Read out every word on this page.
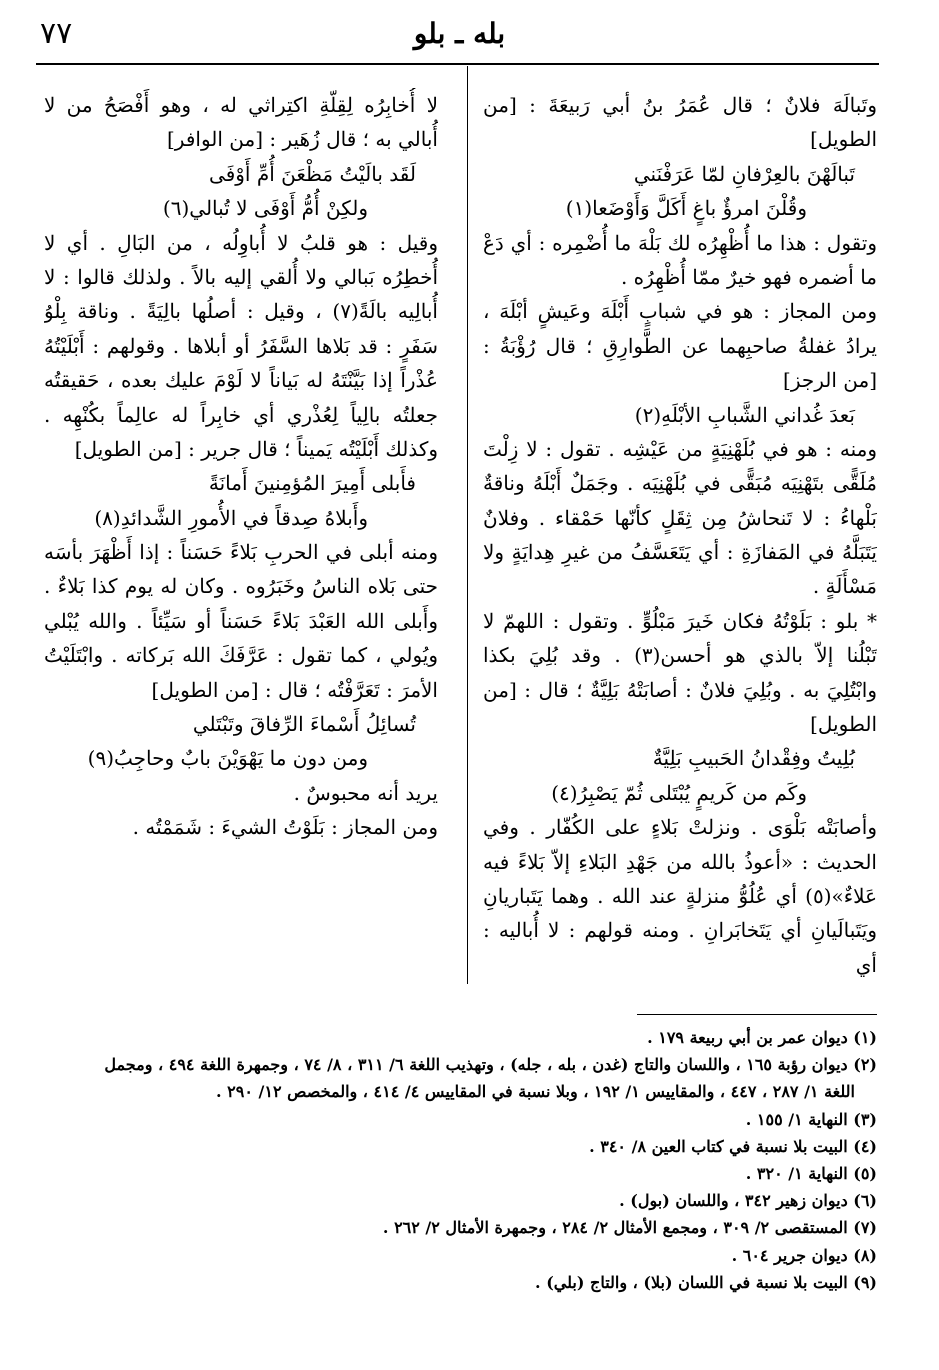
٧٧	بله ـ بلو

وتَبالَهَ فلانٌ ؛ قال عُمَرُ بنُ أبي رَبيعَةَ : [من الطويل]

تَبالَهْنَ بالعِرْفانِ لمّا عَرَفْنَني
وقُلْنَ امرؤٌ باغٍ أَكَلَّ وَأَوْضَعا(١)

وتقول : هذا ما أُظْهِرُه لك بَلْهَ ما أُضْمِره : أي دَعْ ما أضمره فهو خيرٌ ممّا أُظْهِرُه .

ومن المجاز : هو في شبابٍ أَبْلَهَ وعَيشٍ أبْلَهَ ، يرادُ غفلةُ صاحبِهما عن الطَّوارِقِ ؛ قال رُؤْبَةُ : [من الرجز]

بَعدَ غُداني الشَّبابِ الأبْلَهِ(٢)

ومنه : هو في بُلَهْنِيَةٍ من عَيْشِه . تقول : لا زِلْتَ مُلَقًّى بتَهْنِيَه مُبَقًّى في بُلَهْنِيَه . وجَمَلٌ أَبْلَهُ وناقةٌ بَلْهاءُ : لا تَنحاشُ مِن ثِقَلٍ كأنّها حَمْقاء . وفلانٌ يَتَبَلَّهُ في المَفازَةِ : أي يَتَعَسَّفُ من غيرِ هِدايَةٍ ولا مَسْأَلَةٍ .

* بلو : بَلَوْتُهُ فكان خَيرَ مَبْلُوٍّ . وتقول : اللهمّ لا تَبْلُنا إلاّ بالذي هو أحسن(٣) . وقد بُلِيَ بكذا وابْتُلِيَ به . وبُلِيَ فلانٌ : أصابَتْهُ بَلِيَّةٌ ؛ قال : [من الطويل]

بُلِيتُ وفِقْدانُ الحَبيبِ بَلِيَّةٌ
وكَم من كَريمٍ يُبْتَلى ثُمّ يَصْبِرُ(٤)

وأصابَتْه بَلْوَى . ونزلتْ بَلاءٍ على الكُفّار . وفي الحديث : «أعوذُ بالله من جَهْدِ البَلاءِ إلاّ بَلاءً فيه عَلاءٌ»(٥) أي عُلُوُّ منزلةٍ عند الله . وهما يَتَباريانِ ويَتَبالَيانِ أي يَتَخابَرانِ . ومنه قولهم : لا أُباليه : أي

لا أُخابِرُه لِقِلّةِ اكتِراثي له ، وهو أَفْصَحُ من لا أُبالي به ؛ قال زُهَير : [من الوافر]

لَقَد بالَيْتُ مَظْعَنَ أُمِّ أَوْفَى
ولكِنْ أُمُّ أَوْفَى لا تُبالي(٦)

وقيل : هو قلبُ لا أُباوِلُه ، من البَالِ . أي لا أُخطِرُه بَبالي ولا أُلقي إليه بالاً . ولذلك قالوا : لا أُبالِيه بالَةً(٧) ، وقيل : أصلُها بالِيَةً . وناقة بِلْوُ سَفَرٍ : قد بَلاها السَّفَرُ أو أبلاها . وقولهم : أَبْلَيْتُهُ عُذْراً إذا بَيَّنْتَهُ له بَياناً لا لَوْمَ عليك بعده ، حَقيقتُه جعلتُه بالِياً لِعُذْري أي خابِراً له عالِماً بكُنْهِه . وكذلك أَبْلَيْتُه يَميناً ؛ قال جرير : [من الطويل]

فأَبلى أَمِيرَ المُؤمِنينَ أَمانَةً
وأَبلاهُ صِدقاً في الأُمورِ الشَّدائدِ(٨)

ومنه أبلى في الحربِ بَلاءً حَسَناً : إذا أَظْهَرَ بأسَه حتى بَلاه الناسُ وخَبَرُوه . وكان له يوم كذا بَلاءٌ . وأَبلى الله العَبْدَ بَلاءً حَسَناً أو سَيِّئاً . والله يُبْلي ويُولي ، كما تقول : عَرَّفَكَ الله بَركاته . وابْتَلَيْتُ الأمرَ : تَعَرَّفْتُه ؛ قال : [من الطويل]

تُسائِلُ أَسْماءَ الرِّفاقَ وتَبْتَلي
ومن دون ما يَهْوَيْنَ بابٌ وحاجِبُ(٩)

يريد أنه محبوسٌ .

ومن المجاز : بَلَوْتُ الشيءَ : شَمَمْتُه .

(١) ديوان عمر بن أبي ربيعة ١٧٩ .
(٢) ديوان رؤبة ١٦٥ ، واللسان والتاج (غدن ، بله ، جله) ، وتهذيب اللغة ٦/ ٣١١ ، ٨/ ٧٤ ، وجمهرة اللغة ٤٩٤ ، ومجمل
اللغة ١/ ٢٨٧ ، ٤٤٧ ، والمقاييس ١/ ١٩٢ ، وبلا نسبة في المقاييس ٤/ ٤١٤ ، والمخصص ١٢/ ٢٩٠ .
(٣) النهاية ١/ ١٥٥ .
(٤) البيت بلا نسبة في كتاب العين ٨/ ٣٤٠ .
(٥) النهاية ١/ ٣٢٠ .
(٦) ديوان زهير ٣٤٢ ، واللسان (بول) .
(٧) المستقصى ٢/ ٣٠٩ ، ومجمع الأمثال ٢/ ٢٨٤ ، وجمهرة الأمثال ٢/ ٢٦٢ .
(٨) ديوان جرير ٦٠٤ .
(٩) البيت بلا نسبة في اللسان (بلا) ، والتاج (بلي) .
